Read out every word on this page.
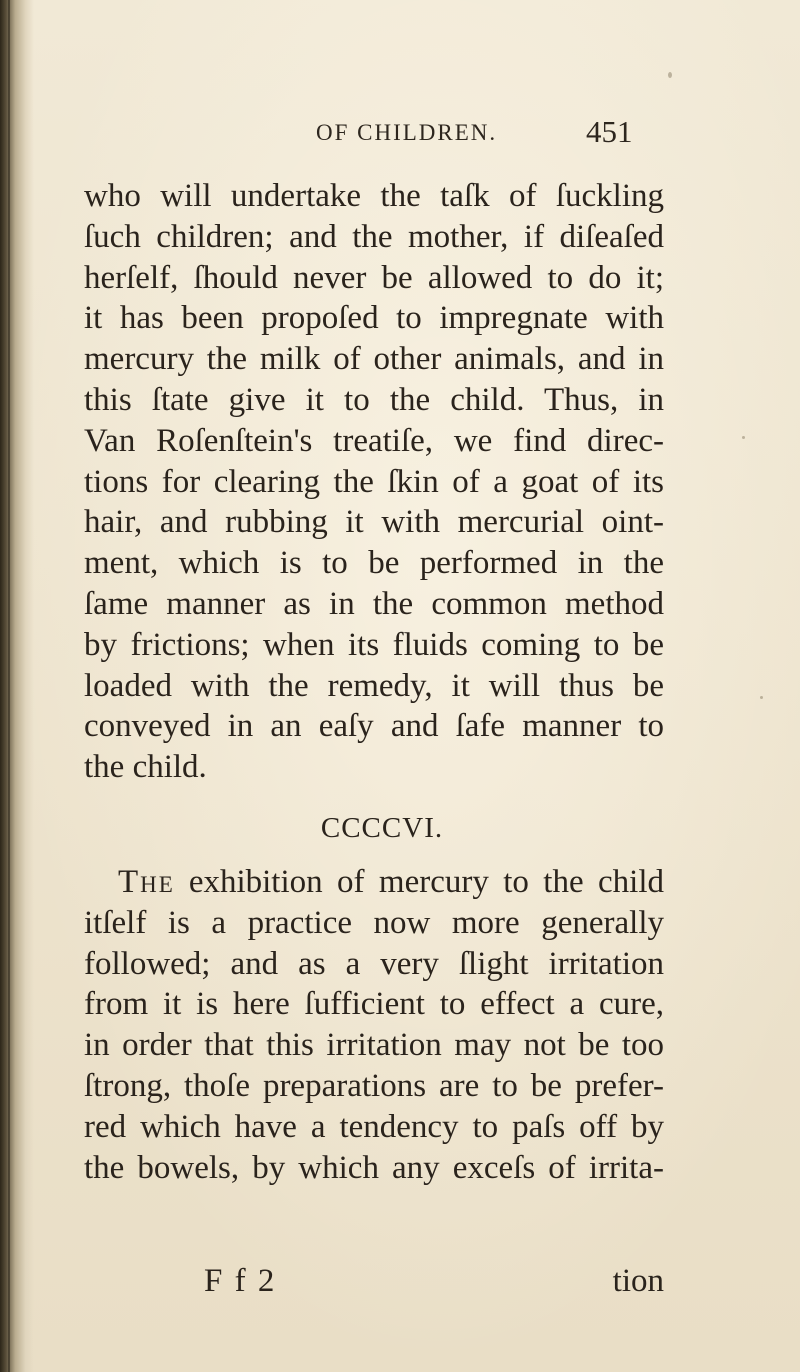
OF CHILDREN.	451
who will undertake the taſk of ſuckling
ſuch children; and the mother, if diſeaſed
herſelf, ſhould never be allowed to do it;
it has been propoſed to impregnate with
mercury the milk of other animals, and in
this ſtate give it to the child. Thus, in
Van Roſenſtein's treatiſe, we find direc-
tions for clearing the ſkin of a goat of its
hair, and rubbing it with mercurial oint-
ment, which is to be performed in the
ſame manner as in the common method
by frictions; when its fluids coming to be
loaded with the remedy, it will thus be
conveyed in an eaſy and ſafe manner to
the child.
CCCCVI.
The exhibition of mercury to the child
itſelf is a practice now more generally
followed; and as a very ſlight irritation
from it is here ſufficient to effect a cure,
in order that this irritation may not be too
ſtrong, thoſe preparations are to be prefer-
red which have a tendency to paſs off by
the bowels, by which any exceſs of irrita-
F f 2	tion
